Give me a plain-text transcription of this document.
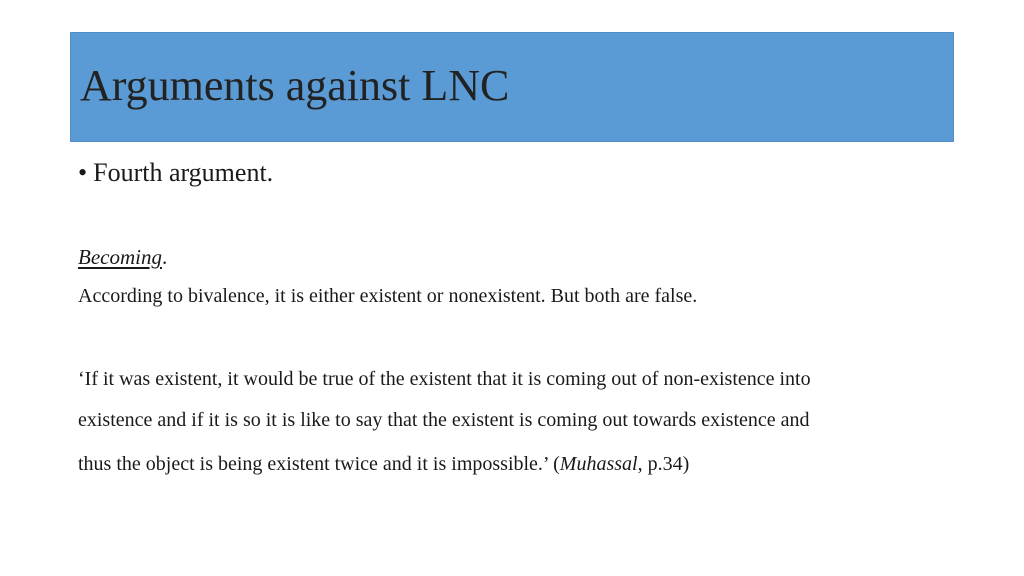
Arguments against LNC
• Fourth argument.
Becoming.
According to bivalence, it is either existent or nonexistent. But both are false.
‘If it was existent, it would be true of the existent that it is coming out of non-existence into
existence and if it is so it is like to say that the existent is coming out towards existence and
thus the object is being existent twice and it is impossible.’ (Muhassal, p.34)
